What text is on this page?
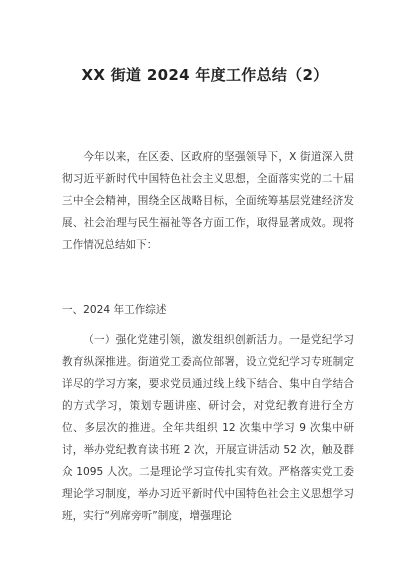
XX 街道 2024 年度工作总结（2）
今年以来，在区委、区政府的坚强领导下，X 街道深入贯彻习近平新时代中国特色社会主义思想，全面落实党的二十届三中全会精神，围绕全区战略目标，全面统筹基层党建经济发展、社会治理与民生福祉等各方面工作，取得显著成效。现将工作情况总结如下：
一、2024 年工作综述
（一）强化党建引领，激发组织创新活力。一是党纪学习教育纵深推进。街道党工委高位部署，设立党纪学习专班制定详尽的学习方案，要求党员通过线上线下结合、集中自学结合的方式学习，策划专题讲座、研讨会，对党纪教育进行全方位、多层次的推进。全年共组织 12 次集中学习 9 次集中研讨，举办党纪教育读书班 2 次，开展宣讲活动 52 次，触及群众 1095 人次。二是理论学习宣传扎实有效。严格落实党工委理论学习制度，举办习近平新时代中国特色社会主义思想学习班，实行“列席旁听”制度，增强理论
